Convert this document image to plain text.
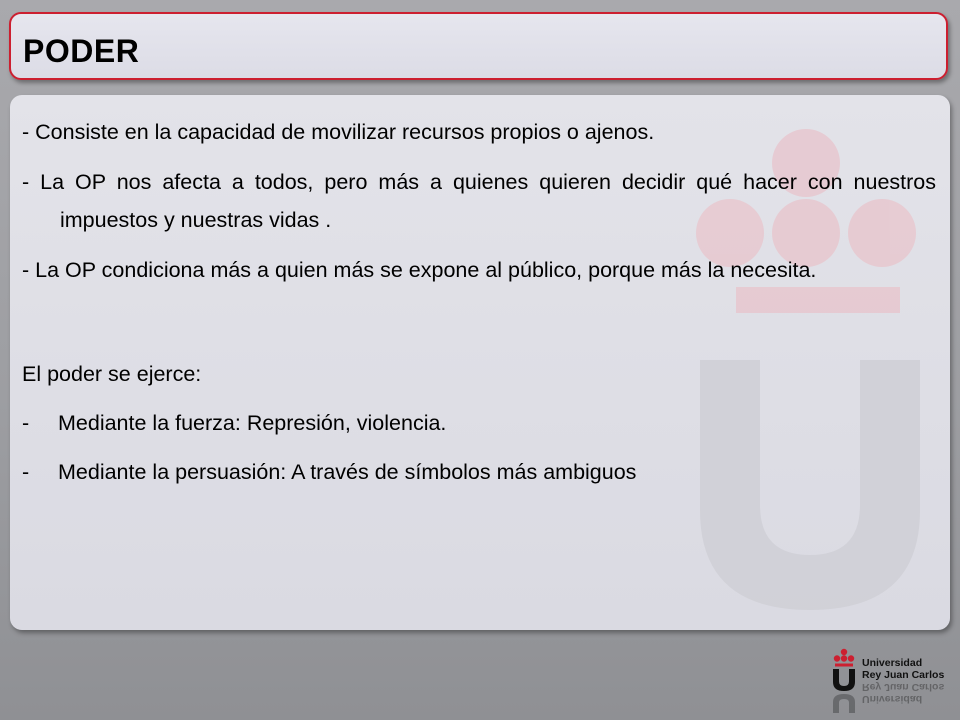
PODER

- Consiste en la capacidad de movilizar recursos propios o ajenos.

- La OP nos afecta a todos, pero más a quienes quieren decidir qué hacer con nuestros impuestos y nuestras vidas .

- La OP condiciona más a quien más se expone al público, porque más la necesita.

El poder se ejerce:

- Mediante la fuerza: Represión, violencia.
- Mediante la persuasión: A través de símbolos más ambiguos
Universidad
Rey Juan Carlos
Universidad
Rey Juan Carlos
